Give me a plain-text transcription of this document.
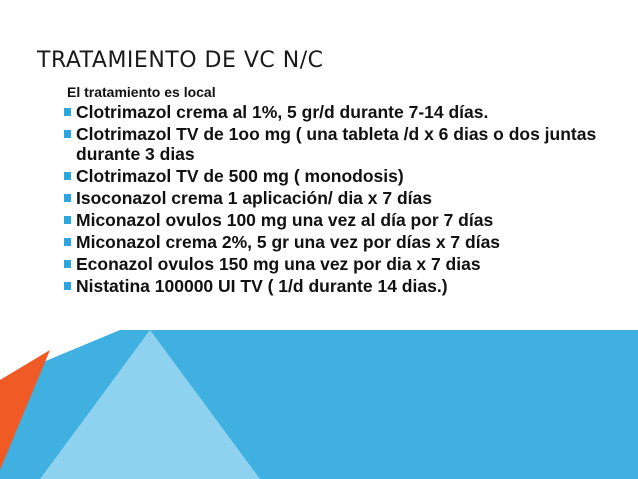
TRATAMIENTO DE VC N/C
El tratamiento es local
Clotrimazol crema al 1%, 5 gr/d durante 7-14 días.
Clotrimazol TV de 1oo mg ( una tableta /d x 6 dias o dos juntas durante 3 dias
Clotrimazol TV de 500 mg ( monodosis)
Isoconazol crema 1 aplicación/ dia x 7 días
Miconazol ovulos 100 mg una vez al día por 7 días
Miconazol crema 2%, 5 gr una vez por días x 7 días
Econazol ovulos 150 mg una vez por dia x 7 dias
Nistatina 100000 UI TV ( 1/d durante 14 dias.)
